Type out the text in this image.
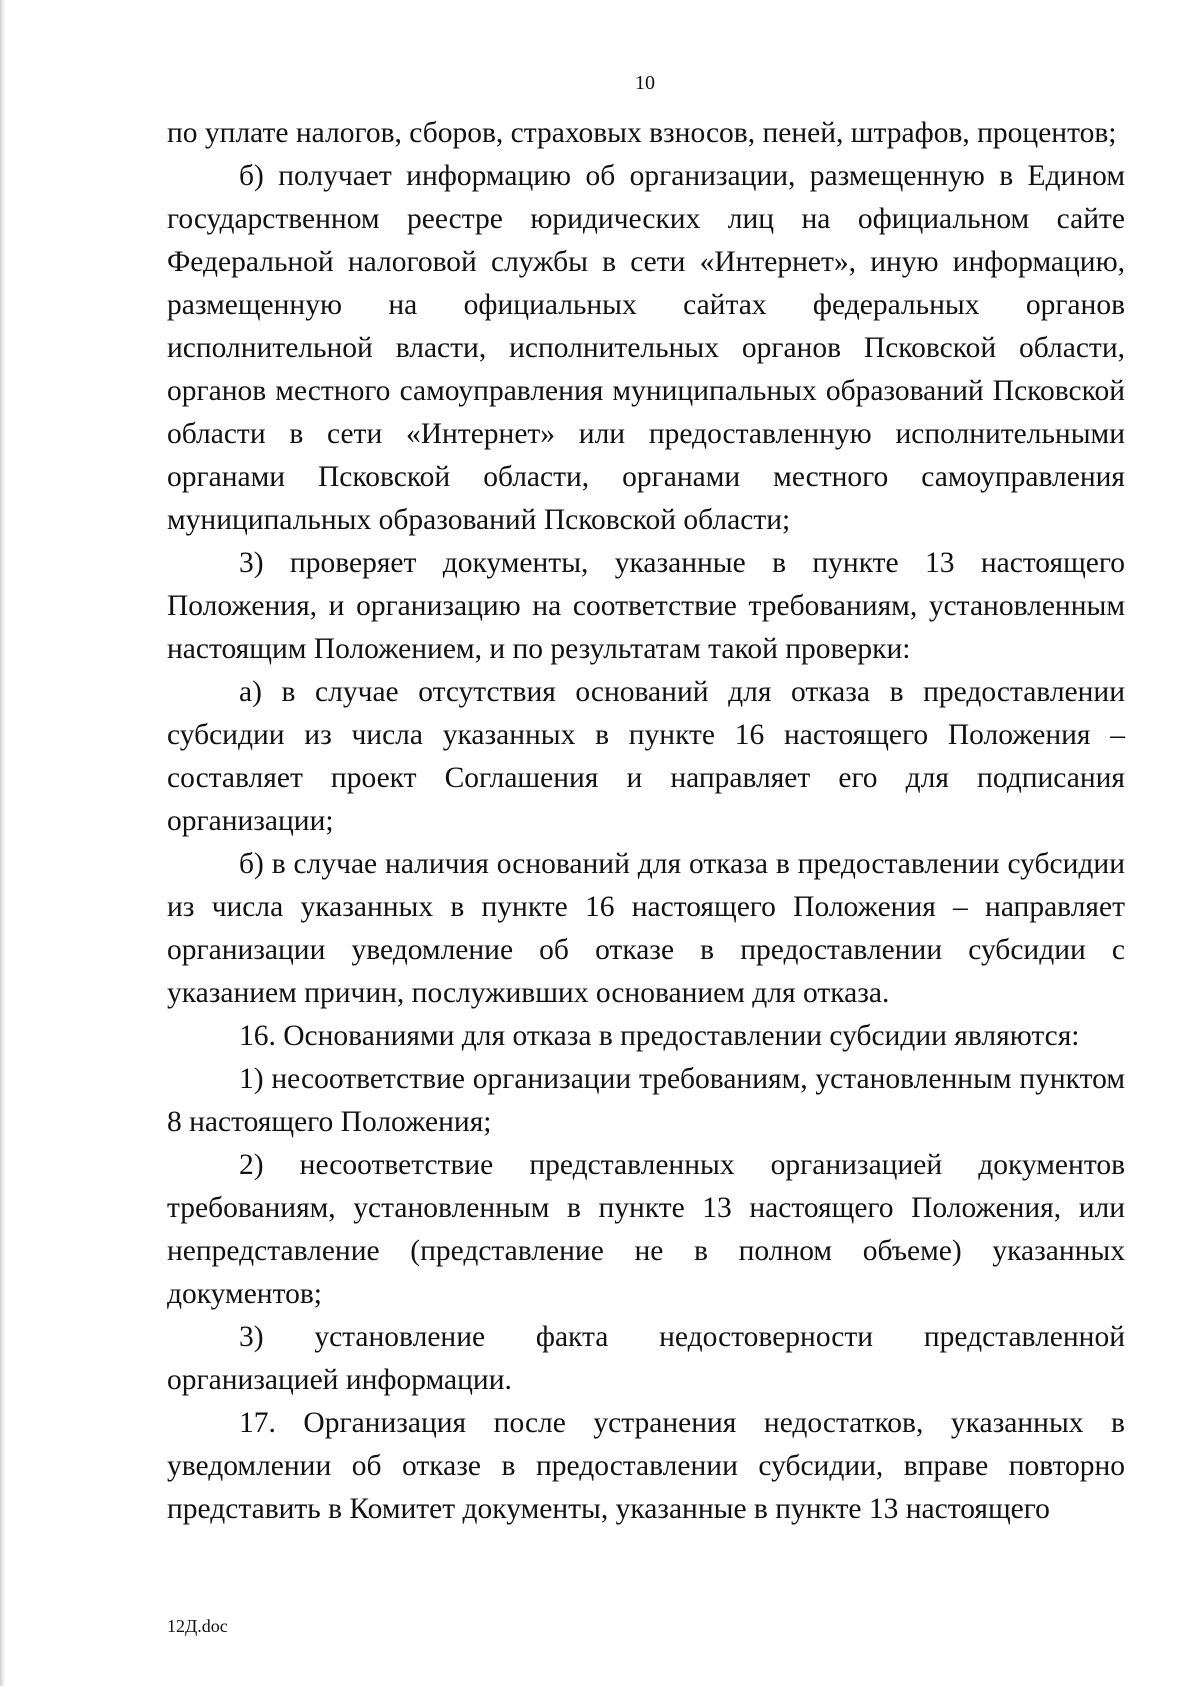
10

по уплате налогов, сборов, страховых взносов, пеней, штрафов, процентов;

б) получает информацию об организации, размещенную в Едином государственном реестре юридических лиц на официальном сайте Федеральной налоговой службы в сети «Интернет», иную информацию, размещенную на официальных сайтах федеральных органов исполнительной власти, исполнительных органов Псковской области, органов местного самоуправления муниципальных образований Псковской области в сети «Интернет» или предоставленную исполнительными органами Псковской области, органами местного самоуправления муниципальных образований Псковской области;

3) проверяет документы, указанные в пункте 13 настоящего Положения, и организацию на соответствие требованиям, установленным настоящим Положением, и по результатам такой проверки:

а) в случае отсутствия оснований для отказа в предоставлении субсидии из числа указанных в пункте 16 настоящего Положения – составляет проект Соглашения и направляет его для подписания организации;

б) в случае наличия оснований для отказа в предоставлении субсидии из числа указанных в пункте 16 настоящего Положения – направляет организации уведомление об отказе в предоставлении субсидии с указанием причин, послуживших основанием для отказа.

16. Основаниями для отказа в предоставлении субсидии являются:

1) несоответствие организации требованиям, установленным пунктом 8 настоящего Положения;

2) несоответствие представленных организацией документов требованиям, установленным в пункте 13 настоящего Положения, или непредставление (представление не в полном объеме) указанных документов;

3) установление факта недостоверности представленной организацией информации.

17. Организация после устранения недостатков, указанных в уведомлении об отказе в предоставлении субсидии, вправе повторно представить в Комитет документы, указанные в пункте 13 настоящего

12Д.doc
